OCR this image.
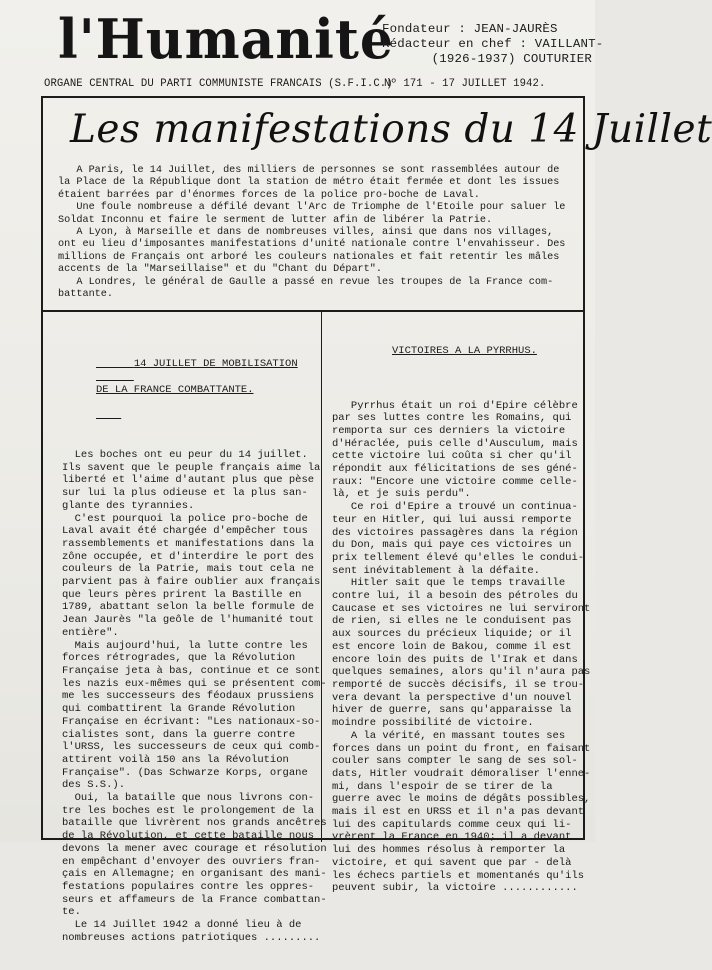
l'Humanité
Fondateur : JEAN-JAURÈS
Rédacteur en chef : VAILLANT-
(1926-1937) COUTURIER
ORGANE CENTRAL DU PARTI COMMUNISTE FRANCAIS (S.F.I.C.)
Nº 171 - 17 JUILLET 1942.
Les manifestations du 14 Juillet
A Paris, le 14 Juillet, des milliers de personnes se sont rassemblées autour de
la Place de la République dont la station de métro était fermée et dont les issues
étaient barrées par d'énormes forces de la police pro-boche de Laval.
Une foule nombreuse a défilé devant l'Arc de Triomphe de l'Etoile pour saluer le
Soldat Inconnu et faire le serment de lutter afin de libérer la Patrie.
A Lyon, à Marseille et dans de nombreuses villes, ainsi que dans nos villages,
ont eu lieu d'imposantes manifestations d'unité nationale contre l'envahisseur. Des
millions de Français ont arboré les couleurs nationales et fait retentir les mâles
accents de la "Marseillaise" et du "Chant du Départ".
A Londres, le général de Gaulle a passé en revue les troupes de la France com-
battante.

14 JUILLET DE MOBILISATION

DE LA FRANCE COMBATTANTE.

Les boches ont eu peur du 14 juillet.
Ils savent que le peuple français aime la
liberté et l'aime d'autant plus que pèse
sur lui la plus odieuse et la plus san-
glante des tyrannies.
C'est pourquoi la police pro-boche de
Laval avait été chargée d'empêcher tous
rassemblements et manifestations dans la
zône occupée, et d'interdire le port des
couleurs de la Patrie, mais tout cela ne
parvient pas à faire oublier aux français
que leurs pères prirent la Bastille en
1789, abattant selon la belle formule de
Jean Jaurès "la geôle de l'humanité tout
entière".
Mais aujourd'hui, la lutte contre les
forces rétrogrades, que la Révolution
Française jeta à bas, continue et ce sont
les nazis eux-mêmes qui se présentent com-
me les successeurs des féodaux prussiens
qui combattirent la Grande Révolution
Française en écrivant: "Les nationaux-so-
cialistes sont, dans la guerre contre
l'URSS, les successeurs de ceux qui comb-
attirent voilà 150 ans la Révolution
Française". (Das Schwarze Korps, organe
des S.S.).
Oui, la bataille que nous livrons con-
tre les boches est le prolongement de la
bataille que livrèrent nos grands ancêtres
de la Révolution, et cette bataille nous
devons la mener avec courage et résolution
en empêchant d'envoyer des ouvriers fran-
çais en Allemagne; en organisant des mani-
festations populaires contre les oppres-
seurs et affameurs de la France combattan-
te.
Le 14 Juillet 1942 a donné lieu à de
nombreuses actions patriotiques .........

VICTOIRES A LA PYRRHUS.

Pyrrhus était un roi d'Epire célèbre
par ses luttes contre les Romains, qui
remporta sur ces derniers la victoire
d'Héraclée, puis celle d'Ausculum, mais
cette victoire lui coûta si cher qu'il
répondit aux félicitations de ses géné-
raux: "Encore une victoire comme celle-
là, et je suis perdu".
Ce roi d'Epire a trouvé un continua-
teur en Hitler, qui lui aussi remporte
des victoires passagères dans la région
du Don, mais qui paye ces victoires un
prix tellement élevé qu'elles le condui-
sent inévitablement à la défaite.
Hitler sait que le temps travaille
contre lui, il a besoin des pétroles du
Caucase et ses victoires ne lui serviront
de rien, si elles ne le conduisent pas
aux sources du précieux liquide; or il
est encore loin de Bakou, comme il est
encore loin des puits de l'Irak et dans
quelques semaines, alors qu'il n'aura pas
remporté de succès décisifs, il se trou-
vera devant la perspective d'un nouvel
hiver de guerre, sans qu'apparaisse la
moindre possibilité de victoire.
A la vérité, en massant toutes ses
forces dans un point du front, en faisant
couler sans compter le sang de ses sol-
dats, Hitler voudrait démoraliser l'enne-
mi, dans l'espoir de se tirer de la
guerre avec le moins de dégâts possibles,
mais il est en URSS et il n'a pas devant
lui des capitulards comme ceux qui li-
vrèrent la France en 1940; il a devant
lui des hommes résolus à remporter la
victoire, et qui savent que par - delà
les échecs partiels et momentanés qu'ils
peuvent subir, la victoire ............
